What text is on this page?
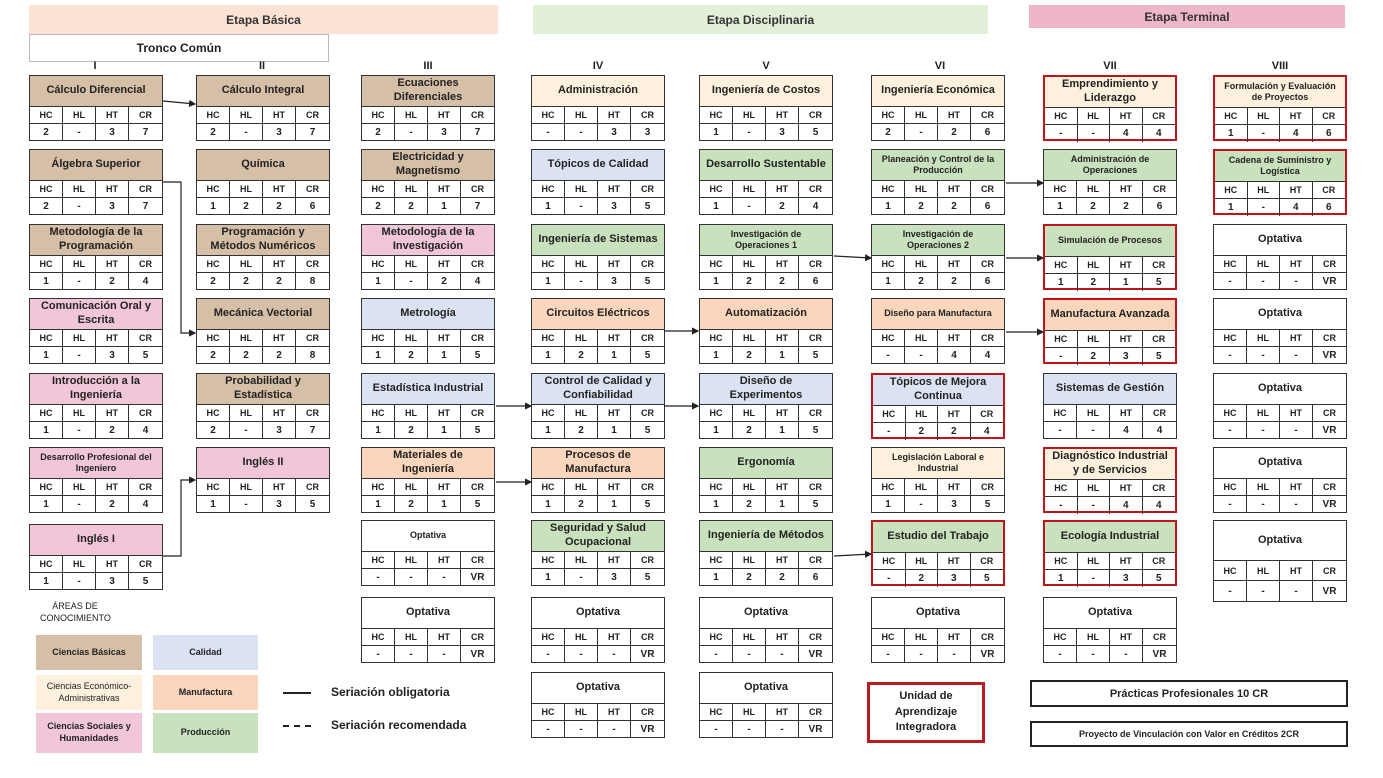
Etapa Básica	Etapa Disciplinaria	Etapa Terminal
Tronco Común
I	II	III	IV	V	VI	VII	VIII
Cálculo Diferencial
HC	HL	HT	CR
2	-	3	7
Álgebra Superior
HC	HL	HT	CR
2	-	3	7
Metodología de la Programación
HC	HL	HT	CR
1	-	2	4
Comunicación Oral y Escrita
HC	HL	HT	CR
1	-	3	5
Introducción a la Ingeniería
HC	HL	HT	CR
1	-	2	4
Desarrollo Profesional del Ingeniero
HC	HL	HT	CR
1	-	2	4
Inglés I
HC	HL	HT	CR
1	-	3	5
Cálculo Integral
HC	HL	HT	CR
2	-	3	7
Química
HC	HL	HT	CR
1	2	2	6
Programación y Métodos Numéricos
HC	HL	HT	CR
2	2	2	8
Mecánica Vectorial
HC	HL	HT	CR
2	2	2	8
Probabilidad y Estadística
HC	HL	HT	CR
2	-	3	7
Inglés II
HC	HL	HT	CR
1	-	3	5
Ecuaciones Diferenciales
HC	HL	HT	CR
2	-	3	7
Electricidad y Magnetismo
HC	HL	HT	CR
2	2	1	7
Metodología de la Investigación
HC	HL	HT	CR
1	-	2	4
Metrología
HC	HL	HT	CR
1	2	1	5
Estadística Industrial
HC	HL	HT	CR
1	2	1	5
Materiales de Ingeniería
HC	HL	HT	CR
1	2	1	5
Optativa
HC	HL	HT	CR
-	-	-	VR
Optativa
HC	HL	HT	CR
-	-	-	VR
Administración
HC	HL	HT	CR
-	-	3	3
Tópicos de Calidad
HC	HL	HT	CR
1	-	3	5
Ingeniería de Sistemas
HC	HL	HT	CR
1	-	3	5
Circuitos Eléctricos
HC	HL	HT	CR
1	2	1	5
Control de Calidad y Confiabilidad
HC	HL	HT	CR
1	2	1	5
Procesos de Manufactura
HC	HL	HT	CR
1	2	1	5
Seguridad y Salud Ocupacional
HC	HL	HT	CR
1	-	3	5
Optativa
HC	HL	HT	CR
-	-	-	VR
Optativa
HC	HL	HT	CR
-	-	-	VR
Ingeniería de Costos
HC	HL	HT	CR
1	-	3	5
Desarrollo Sustentable
HC	HL	HT	CR
1	-	2	4
Investigación de Operaciones 1
HC	HL	HT	CR
1	2	2	6
Automatización
HC	HL	HT	CR
1	2	1	5
Diseño de Experimentos
HC	HL	HT	CR
1	2	1	5
Ergonomía
HC	HL	HT	CR
1	2	1	5
Ingeniería de Métodos
HC	HL	HT	CR
1	2	2	6
Optativa
HC	HL	HT	CR
-	-	-	VR
Optativa
HC	HL	HT	CR
-	-	-	VR
Ingeniería Económica
HC	HL	HT	CR
2	-	2	6
Planeación y Control de la Producción
HC	HL	HT	CR
1	2	2	6
Investigación de Operaciones 2
HC	HL	HT	CR
1	2	2	6
Diseño para Manufactura
HC	HL	HT	CR
-	-	4	4
Tópicos de Mejora Continua
HC	HL	HT	CR
-	2	2	4
Legislación Laboral e Industrial
HC	HL	HT	CR
1	-	3	5
Estudio del Trabajo
HC	HL	HT	CR
-	2	3	5
Optativa
HC	HL	HT	CR
-	-	-	VR
Emprendimiento y Liderazgo
HC	HL	HT	CR
-	-	4	4
Administración de Operaciones
HC	HL	HT	CR
1	2	2	6
Simulación de Procesos
HC	HL	HT	CR
1	2	1	5
Manufactura Avanzada
HC	HL	HT	CR
-	2	3	5
Sistemas de Gestión
HC	HL	HT	CR
-	-	4	4
Diagnóstico Industrial y de Servicios
HC	HL	HT	CR
-	-	4	4
Ecología Industrial
HC	HL	HT	CR
1	-	3	5
Optativa
HC	HL	HT	CR
-	-	-	VR
Formulación y Evaluación de Proyectos
HC	HL	HT	CR
1	-	4	6
Cadena de Suministro y Logística
HC	HL	HT	CR
1	-	4	6
Optativa
HC	HL	HT	CR
-	-	-	VR
Optativa
HC	HL	HT	CR
-	-	-	VR
Optativa
HC	HL	HT	CR
-	-	-	VR
Optativa
HC	HL	HT	CR
-	-	-	VR
Optativa
HC	HL	HT	CR
-	-	-	VR
ÁREAS DE CONOCIMIENTO
Ciencias Básicas	Calidad
Ciencias Económico-Administrativas
Manufactura
Ciencias Sociales y Humanidades
Producción
Seriación obligatoria
Seriación recomendada
Unidad de Aprendizaje Integradora
Prácticas Profesionales 10 CR
Proyecto de Vinculación con Valor en Créditos 2CR
